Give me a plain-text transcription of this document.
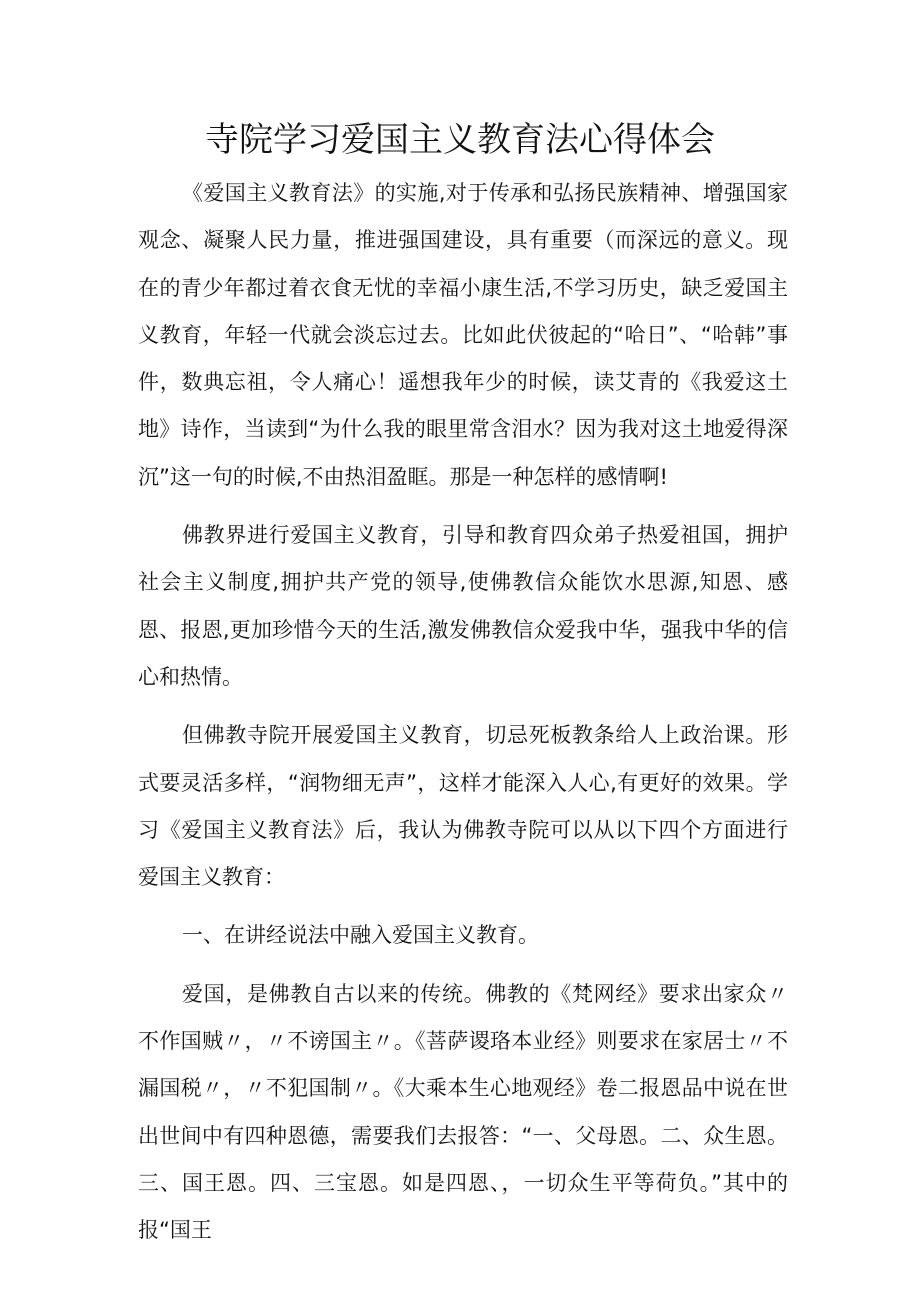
寺院学习爱国主义教育法心得体会

《爱国主义教育法》的实施,对于传承和弘扬民族精神、增强国家观念、凝聚人民力量，推进强国建设，具有重要（而深远的意义。现在的青少年都过着衣食无忧的幸福小康生活,不学习历史，缺乏爱国主义教育，年轻一代就会淡忘过去。比如此伏彼起的“哈日”、“哈韩”事件，数典忘祖，令人痛心！遥想我年少的时候，读艾青的《我爱这土地》诗作，当读到“为什么我的眼里常含泪水？因为我对这土地爱得深沉”这一句的时候,不由热泪盈眶。那是一种怎样的感情啊!

佛教界进行爱国主义教育，引导和教育四众弟子热爱祖国，拥护社会主义制度,拥护共产党的领导,使佛教信众能饮水思源,知恩、感恩、报恩,更加珍惜今天的生活,激发佛教信众爱我中华，强我中华的信心和热情。

但佛教寺院开展爱国主义教育，切忌死板教条给人上政治课。形式要灵活多样，“润物细无声”，这样才能深入人心,有更好的效果。学习《爱国主义教育法》后，我认为佛教寺院可以从以下四个方面进行爱国主义教育：

一、在讲经说法中融入爱国主义教育。

爱国，是佛教自古以来的传统。佛教的《梵网经》要求出家众〃不作国贼〃，〃不谤国主〃。《菩萨谡珞本业经》则要求在家居士〃不漏国税〃，〃不犯国制〃。《大乘本生心地观经》卷二报恩品中说在世出世间中有四种恩德，需要我们去报答：“一、父母恩。二、众生恩。三、国王恩。四、三宝恩。如是四恩、，一切众生平等荷负。”其中的报“国王
